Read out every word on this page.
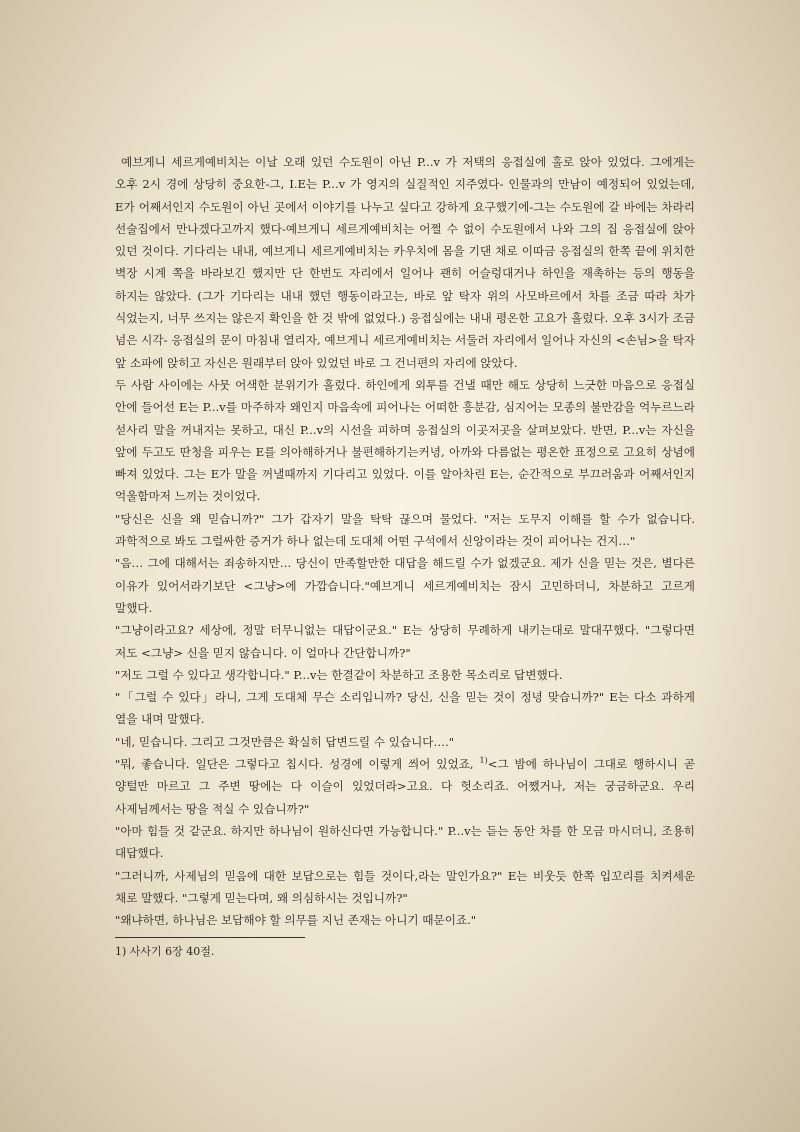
예브게니 세르게예비치는 이날 오래 있던 수도원이 아닌 P...v 가 저택의 응접실에 홀로 앉아 있었다. 그에게는 오후 2시 경에 상당히 중요한-그, I.E는 P...v 가 영지의 실질적인 지주였다- 인물과의 만남이 예정되어 있었는데, E가 어째서인지 수도원이 아닌 곳에서 이야기를 나누고 싶다고 강하게 요구했기에-그는 수도원에 갈 바에는 차라리 선술집에서 만나겠다고까지 했다-예브게니 세르게예비치는 어쩔 수 없이 수도원에서 나와 그의 집 응접실에 앉아 있던 것이다. 기다리는 내내, 예브게니 세르게예비치는 카우치에 몸을 기댄 채로 이따금 응접실의 한쪽 끝에 위치한 벽장 시계 쪽을 바라보긴 했지만 단 한번도 자리에서 일어나 괜히 어슬렁대거나 하인을 재촉하는 등의 행동을 하지는 않았다. (그가 기다리는 내내 했던 행동이라고는, 바로 앞 탁자 위의 사모바르에서 차를 조금 따라 차가 식었는지, 너무 쓰지는 않은지 확인을 한 것 밖에 없었다.) 응접실에는 내내 평온한 고요가 흘렀다. 오후 3시가 조금 넘은 시각- 응접실의 문이 마침내 열리자, 예브게니 세르게예비치는 서둘러 자리에서 일어나 자신의 <손님>을 탁자 앞 소파에 앉히고 자신은 원래부터 앉아 있었던 바로 그 건너편의 자리에 앉았다.

두 사람 사이에는 사뭇 어색한 분위기가 흘렀다. 하인에게 외투를 건낼 때만 해도 상당히 느긋한 마음으로 응접실 안에 들어선 E는 P...v를 마주하자 왜인지 마음속에 피어나는 어떠한 흥분감, 심지어는 모종의 불만감을 억누르느라 섣사리 말을 꺼내지는 못하고, 대신 P...v의 시선을 피하며 응접실의 이곳저곳을 살펴보았다. 반면, P...v는 자신을 앞에 두고도 딴청을 피우는 E를 의아해하거나 불편해하기는커녕, 아까와 다름없는 평온한 표정으로 고요히 상념에 빠져 있었다. 그는 E가 말을 꺼낼때까지 기다리고 있었다. 이를 알아차린 E는, 순간적으로 부끄러움과 어째서인지 억울함마저 느끼는 것이었다.

"당신은 신을 왜 믿습니까?" 그가 갑자기 말을 탁탁 끊으며 물었다. "저는 도무지 이해를 할 수가 없습니다. 과학적으로 봐도 그럴싸한 증거가 하나 없는데 도대체 어떤 구석에서 신앙이라는 것이 피어나는 건지…"

"음… 그에 대해서는 죄송하지만… 당신이 만족할만한 대답을 해드릴 수가 없겠군요. 제가 신을 믿는 것은, 별다른 이유가 있어서라기보단 <그냥>에 가깝습니다."예브게니 세르게예비치는 잠시 고민하더니, 차분하고 고르게 말했다.

"그냥이라고요? 세상에, 정말 터무니없는 대답이군요." E는 상당히 무례하게 내키는대로 말대꾸했다. "그렇다면 저도 <그냥> 신을 믿지 않습니다. 이 얼마나 간단합니까?"

"저도 그럴 수 있다고 생각합니다." P...v는 한결같이 차분하고 조용한 목소리로 답변했다.

"「그럴 수 있다」라니, 그게 도대체 무슨 소리입니까? 당신, 신을 믿는 것이 정녕 맞습니까?" E는 다소 과하게 열을 내며 말했다.

"네, 믿습니다. 그리고 그것만큼은 확실히 답변드릴 수 있습니다…."

"뭐, 좋습니다. 일단은 그렇다고 칩시다. 성경에 이렇게 씌어 있었죠, $^{1)}$<그 밤에 하나님이 그대로 행하시니 곧 양털만 마르고 그 주변 땅에는 다 이슬이 있었더라>고요. 다 헛소리죠. 어쨌거나, 저는 궁금하군요. 우리 사제님께서는 땅을 적실 수 있습니까?"

"아마 힘들 것 같군요. 하지만 하나님이 원하신다면 가능합니다." P...v는 듣는 동안 차를 한 모금 마시더니, 조용히 대답했다.

"그러니까, 사제님의 믿음에 대한 보답으로는 힘들 것이다,라는 말인가요?" E는 비웃듯 한쪽 입꼬리를 치켜세운 채로 말했다. "그렇게 믿는다며, 왜 의심하시는 것입니까?"

"왜냐하면, 하나님은 보답해야 할 의무를 지닌 존재는 아니기 때문이죠."

1) 사사기 6장 40절.
